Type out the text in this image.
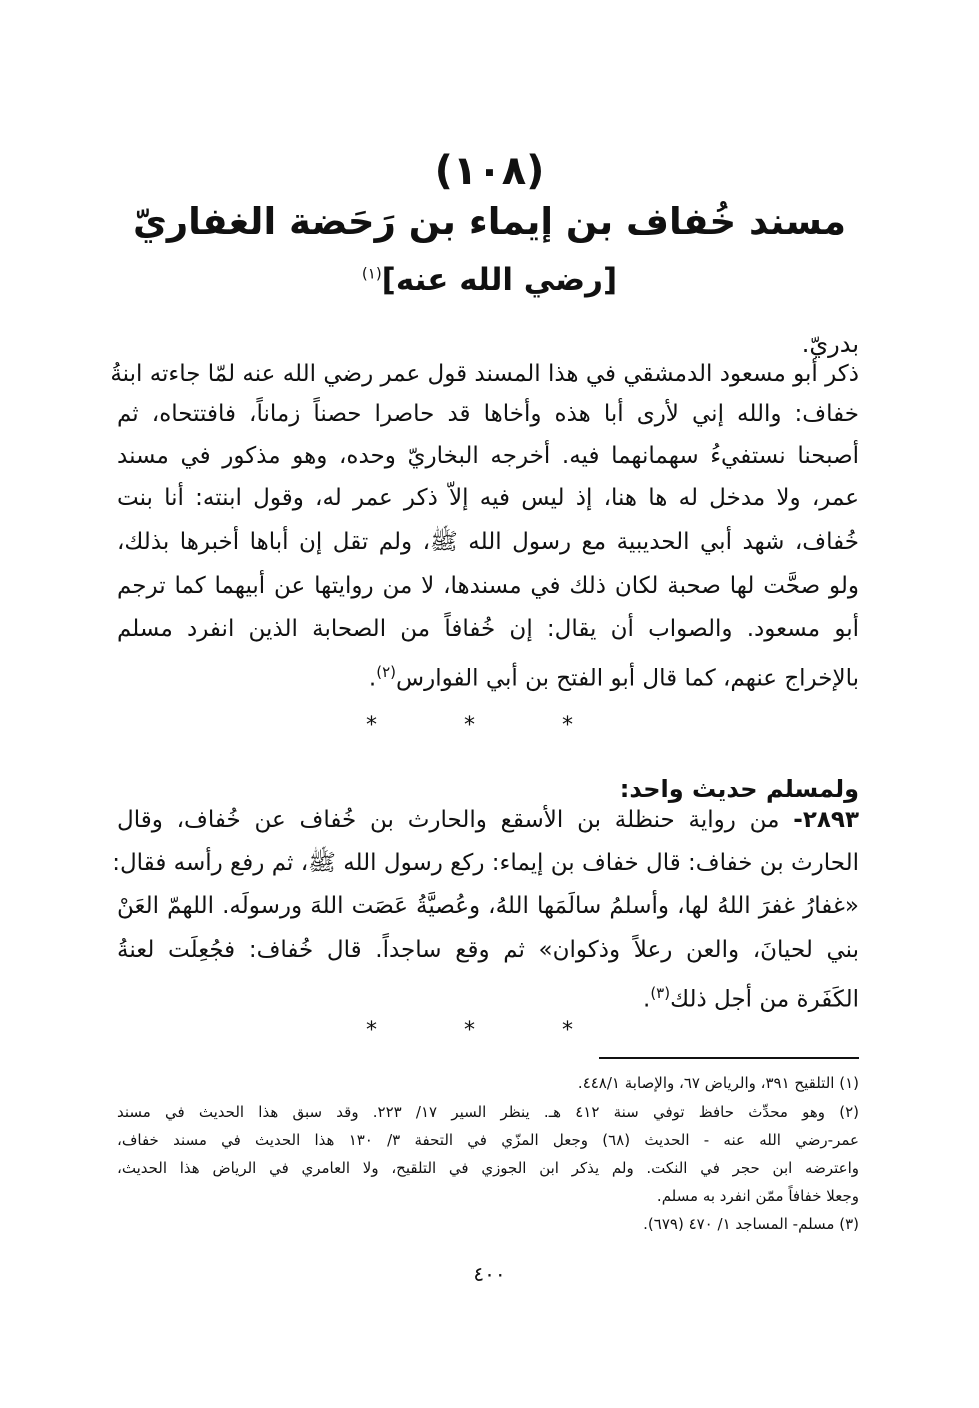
(١٠٨)
مسند خُفاف بن إيماء بن رَحَضة الغفاريّ
[رضي الله عنه]$^{(١)}$
بدريّ.
ذكر أبو مسعود الدمشقي في هذا المسند قول عمر رضي الله عنه لمّا جاءته ابنةُ
خفاف: والله إني لأرى أبا هذه وأخاها قد حاصرا حصناً زماناً، فافتتحاه، ثم
أصبحنا نستفيءُ سهمانهما فيه. أخرجه البخاريّ وحده، وهو مذكور في مسند
عمر، ولا مدخل له ها هنا، إذ ليس فيه إلاّ ذكر عمر له، وقول ابنته: أنا بنت
خُفاف، شهد أبي الحديبية مع رسول الله ﷺ، ولم تقل إن أباها أخبرها بذلك،
ولو صحَّت لها صحبة لكان ذلك في مسندها، لا من روايتها عن أبيهما كما ترجم
أبو مسعود. والصواب أن يقال: إن خُفافاً من الصحابة الذين انفرد مسلم
بالإخراج عنهم، كما قال أبو الفتح بن أبي الفوارس$^{(٢)}$.
* * *
ولمسلم حديث واحد:
٢٨٩٣- من رواية حنظلة بن الأسقع والحارث بن خُفاف عن خُفاف، وقال
الحارث بن خفاف: قال خفاف بن إيماء: ركع رسول الله ﷺ، ثم رفع رأسه فقال:
«غفارُ غفرَ اللهُ لها، وأسلمُ سالَمَها اللهُ، وعُصيَّةُ عَصَت اللهَ ورسولَه. اللهمّ العَنْ
بني لحيانَ، والعن رعلاً وذكوان» ثم وقع ساجداً. قال خُفاف: فجُعِلَت لعنةُ
الكَفَرة من أجل ذلك$^{(٣)}$.
* * *
(١) التلقيح ٣٩١، والرياض ٦٧، والإصابة ٤٤٨/١.
(٢) وهو محدِّث حافظ توفي سنة ٤١٢ هـ. ينظر السير ١٧/ ٢٢٣. وقد سبق هذا الحديث في مسند
عمر-رضي الله عنه - الحديث (٦٨) وجعل المزّي في التحفة ٣/ ١٣٠ هذا الحديث في مسند خفاف،
واعترضه ابن حجر في النكت. ولم يذكر ابن الجوزي في التلقيح، ولا العامري في الرياض هذا الحديث،
وجعلا خفافاً ممّن انفرد به مسلم.
(٣) مسلم- المساجد ١/ ٤٧٠ (٦٧٩).
٤٠٠
